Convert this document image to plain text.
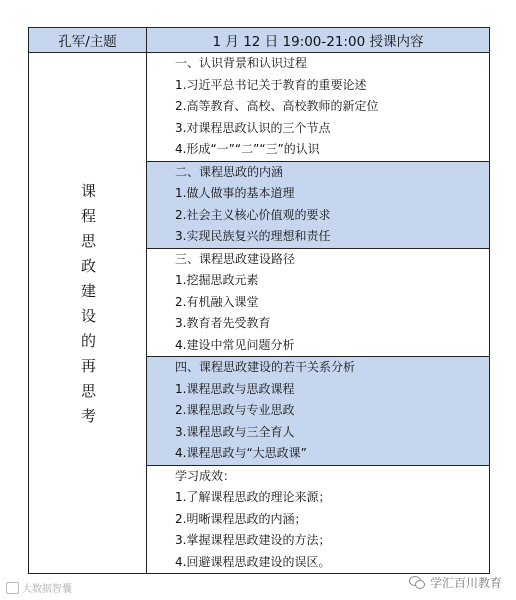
孔军/主题	1 月 12 日 19:00-21:00 授课内容
课程思政建设的再思考	一、认识背景和认识过程
1.习近平总书记关于教育的重要论述
2.高等教育、高校、高校教师的新定位
3.对课程思政认识的三个节点
4.形成“一”“二”“三”的认识

	二、课程思政的内涵
1.做人做事的基本道理
2.社会主义核心价值观的要求
3.实现民族复兴的理想和责任

	三、课程思政建设路径
1.挖掘思政元素
2.有机融入课堂
3.教育者先受教育
4.建设中常见问题分析

	四、课程思政建设的若干关系分析
1.课程思政与思政课程
2.课程思政与专业思政
3.课程思政与三全育人
4.课程思政与“大思政课”

	学习成效：
1.了解课程思政的理论来源；
2.明晰课程思政的内涵；
3.掌握课程思政建设的方法；
4.回避课程思政建设的误区。
大数据智囊	学汇百川教育
